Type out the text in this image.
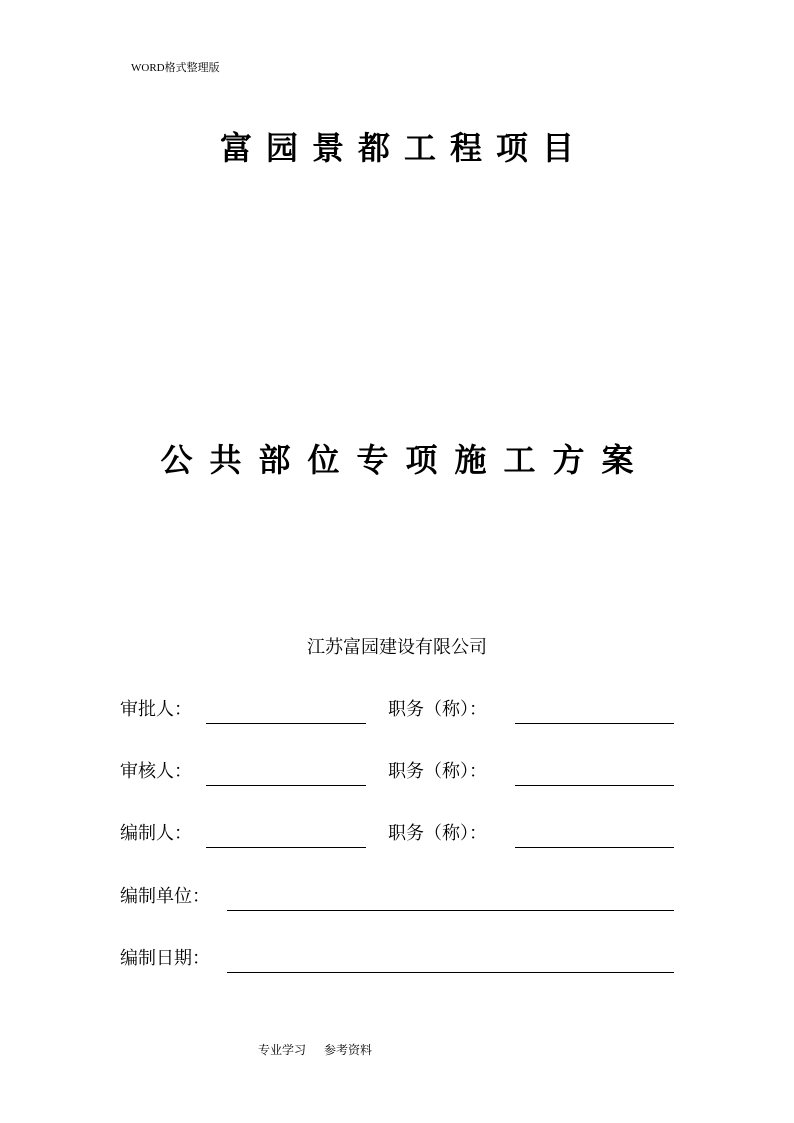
WORD格式整理版
富园景都工程项目
公共部位专项施工方案
江苏富园建设有限公司
审批人：	职务（称）：
审核人：	职务（称）：
编制人：	职务（称）：
编制单位：
编制日期：
专业学习 参考资料
